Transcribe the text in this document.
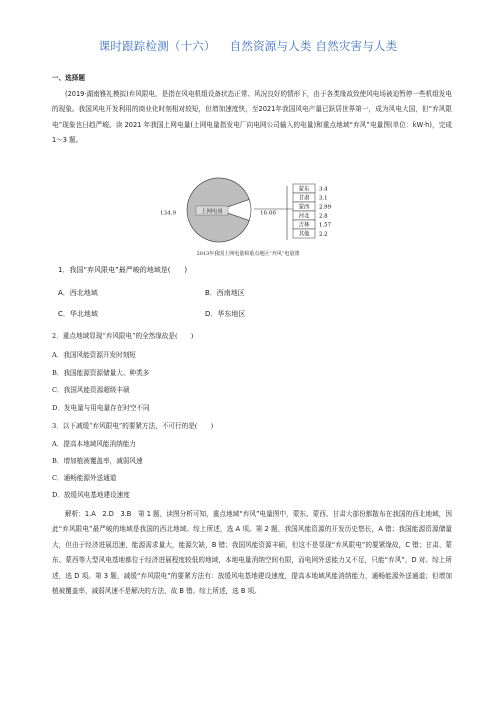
课时跟踪检测（十六） 自然资源与人类 自然灾害与人类
一、选择题
(2019·湖南雅礼模拟)弃风限电，是指在风电机组设备状态正常、风况良好的情形下，由于各类缘故致使风电场被迫暂停一些机组发电的现象。我国风电开发利用的商业化时刻相对较短，但增加速度快，至2021年我国风电产量已跃居世界第一，成为风电大国，但“弃风限电”现象也日趋严峻。读 2021 年我国上网电量(上网电量指发电厂向电网公司输入的电量)和重点地域“弃风”电量图(单位：kW·h)，完成 1～3 题。
蒙东 3.4
甘肃 3.1
蒙西 2.99
河北 2.8
吉林 1.57
其他 2.2
上网电量
134.9	16.06
2013年我国上网电量和重点地区“弃风”电量图
1．我国“弃风限电”最严峻的地域是(　　)
A．西北地域	B．西南地区
C．华北地域	D．华东地区
2．重点地域显现“弃风限电”的全然缘故是(　　)
A．我国风能资源开发时刻短
B．我国能源资源储量大、种类多
C．我国风能资源超级丰硕
D．发电量与用电量存在时空不同
3．以下减缓“弃风限电”的要紧方法，不可行的是(　　)
A．提高本地域风能消纳能力
B．增加植被覆盖率，减弱风速
C．通畅能源外送通道
D．放缓风电基地建设速度
解析：1.A　2.D　3.B　第 1 题，读图分析可知，重点地域“弃风”电量图中，蒙东、蒙西、甘肃大部份都散布在我国的西北地域，因此“弃风限电”最严峻的地域是我国的西北地域。综上所述，选 A 项。第 2 题，我国风能资源的开发历史悠长，A 错；我国能源资源储量大，但由于经济进展迅速，能源需求量大，能源欠缺，B 错；我国风能资源丰硕，但这不是显现“弃风限电”的要紧缘故，C 错；甘肃、蒙东、蒙西等大型风电基地都位于经济进展程度较低的地域，本地电量消纳空间有限，而电网外送能力又不足，只能“弃风”，D 对。综上所述，选 D 项。第 3 题，减缓“弃风限电”的要紧方法有：放缓风电基地建设速度，提高本地域风能消纳能力，通畅能源外送通道；但增加植被覆盖率，减弱风速不是解决的方法，故 B 错。综上所述，选 B 项。
